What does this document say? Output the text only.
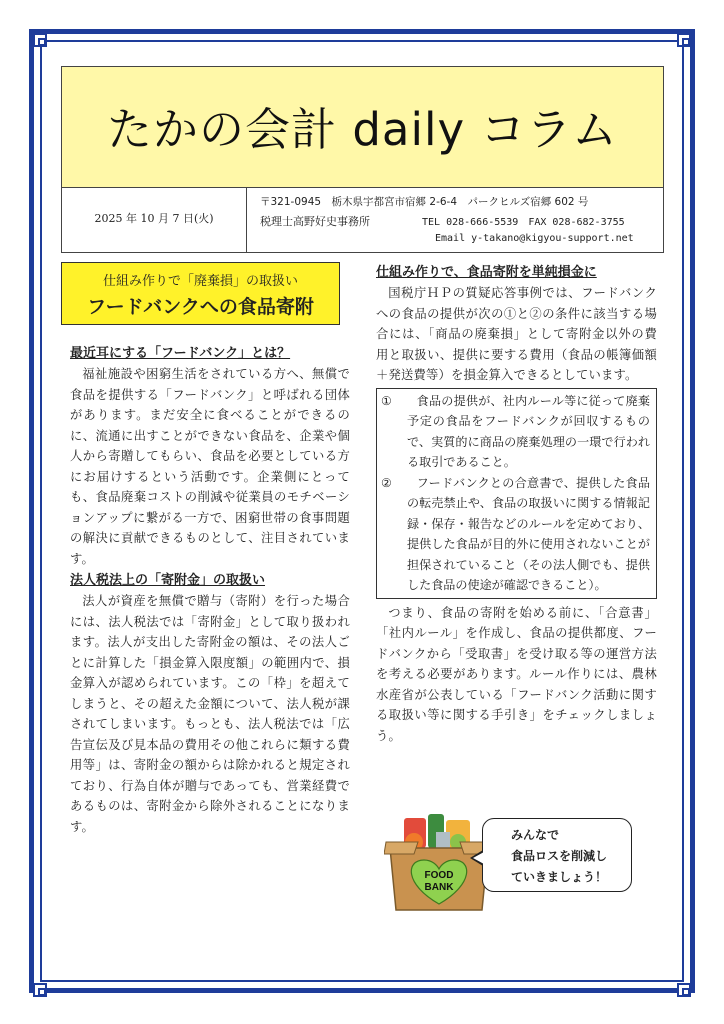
たかの会計 daily コラム
2025 年 10 月 7 日(火)
〒321-0945　栃木県宇都宮市宿郷 2-6-4　パークヒルズ宿郷 602 号
税理士高野好史事務所	TEL 028-666-5539　FAX 028-682-3755
Email y-takano@kigyou-support.net
仕組み作りで「廃棄損」の取扱い
フードバンクへの食品寄附
最近耳にする「フードバンク」とは？
福祉施設や困窮生活をされている方へ、無償で食品を提供する「フードバンク」と呼ばれる団体があります。まだ安全に食べることができるのに、流通に出すことができない食品を、企業や個人から寄贈してもらい、食品を必要としている方にお届けするという活動です。企業側にとっても、食品廃棄コストの削減や従業員のモチベーションアップに繋がる一方で、困窮世帯の食事問題の解決に貢献できるものとして、注目されています。
法人税法上の「寄附金」の取扱い
法人が資産を無償で贈与（寄附）を行った場合には、法人税法では「寄附金」として取り扱われます。法人が支出した寄附金の額は、その法人ごとに計算した「損金算入限度額」の範囲内で、損金算入が認められています。この「枠」を超えてしまうと、その超えた金額について、法人税が課されてしまいます。もっとも、法人税法では「広告宣伝及び見本品の費用その他これらに類する費用等」は、寄附金の額からは除かれると規定されており、行為自体が贈与であっても、営業経費であるものは、寄附金から除外されることになります。
仕組み作りで、食品寄附を単純損金に
国税庁ＨＰの質疑応答事例では、フードバンクへの食品の提供が次の①と②の条件に該当する場合には、「商品の廃棄損」として寄附金以外の費用と取扱い、提供に要する費用（食品の帳簿価額＋発送費等）を損金算入できるとしています。
①	食品の提供が、社内ルール等に従って廃棄予定の食品をフードバンクが回収するもので、実質的に商品の廃棄処理の一環で行われる取引であること。
②	フードバンクとの合意書で、提供した食品の転売禁止や、食品の取扱いに関する情報記録・保存・報告などのルールを定めており、提供した食品が目的外に使用されないことが担保されていること（その法人側でも、提供した食品の使途が確認できること）。
つまり、食品の寄附を始める前に、「合意書」「社内ルール」を作成し、食品の提供都度、フードバンクから「受取書」を受け取る等の運営方法を考える必要があります。ルール作りには、農林水産省が公表している「フードバンク活動に関する取扱い等に関する手引き」をチェックしましょう。
FOOD
BANK
みんなで
食品ロスを削減し
ていきましょう！
